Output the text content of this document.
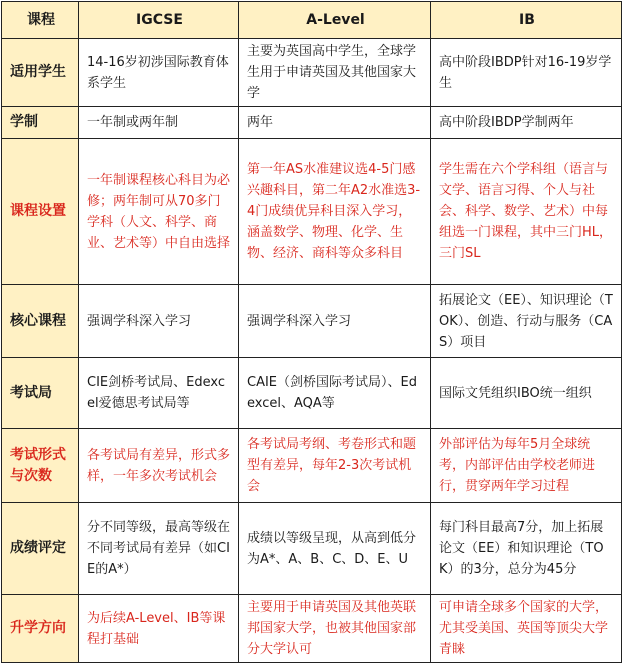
课程	IGCSE	A-Level	IB
适用学生	14-16岁初涉国际教育体系学生	主要为英国高中学生，全球学生用于申请英国及其他国家大学	高中阶段IBDP针对16-19岁学生
学制	一年制或两年制	两年	高中阶段IBDP学制两年
课程设置	一年制课程核心科目为必修；两年制可从70多门学科（人文、科学、商业、艺术等）中自由选择	第一年AS水准建议选4-5门感兴趣科目，第二年A2水准选3-4门成绩优异科目深入学习，涵盖数学、物理、化学、生物、经济、商科等众多科目	学生需在六个学科组（语言与文学、语言习得、个人与社会、科学、数学、艺术）中每组选一门课程，其中三门HL，三门SL
核心课程	强调学科深入学习	强调学科深入学习	拓展论文（EE）、知识理论（TOK）、创造、行动与服务（CAS）项目
考试局	CIE剑桥考试局、Edexcel爱德思考试局等	CAIE（剑桥国际考试局）、Edexcel、AQA等	国际文凭组织IBO统一组织
考试形式与次数	各考试局有差异，形式多样，一年多次考试机会	各考试局考纲、考卷形式和题型有差异，每年2-3次考试机会	外部评估为每年5月全球统考，内部评估由学校老师进行，贯穿两年学习过程
成绩评定	分不同等级，最高等级在不同考试局有差异（如CIE的A*）	成绩以等级呈现，从高到低分为A*、A、B、C、D、E、U	每门科目最高7分，加上拓展论文（EE）和知识理论（TOK）的3分，总分为45分
升学方向	为后续A-Level、IB等课程打基础	主要用于申请英国及其他英联邦国家大学，也被其他国家部分大学认可	可申请全球多个国家的大学，尤其受美国、英国等顶尖大学青睐
